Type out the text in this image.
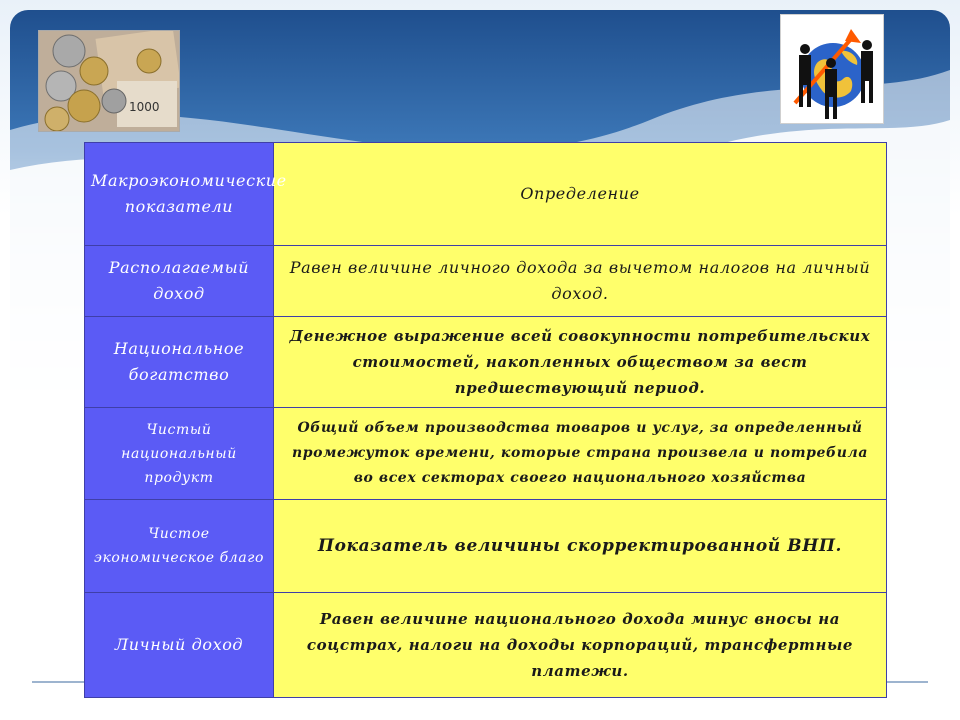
1000
Макроэкономические показатели	Определение
Располагаемый доход	Равен величине личного дохода за вычетом налогов на личный доход.
Национальное богатство	Денежное выражение всей совокупности потребительских стоимостей, накопленных обществом за вест предшествующий период.
Чистый национальный продукт	Общий объем производства товаров и услуг, за определенный промежуток времени, которые страна произвела и потребила во всех секторах своего национального хозяйства
Чистое экономическое благо	Показатель величины скорректированной ВНП.
Личный доход	Равен величине национального дохода минус вносы на соцстрах, налоги на доходы корпораций, трансфертные платежи.
